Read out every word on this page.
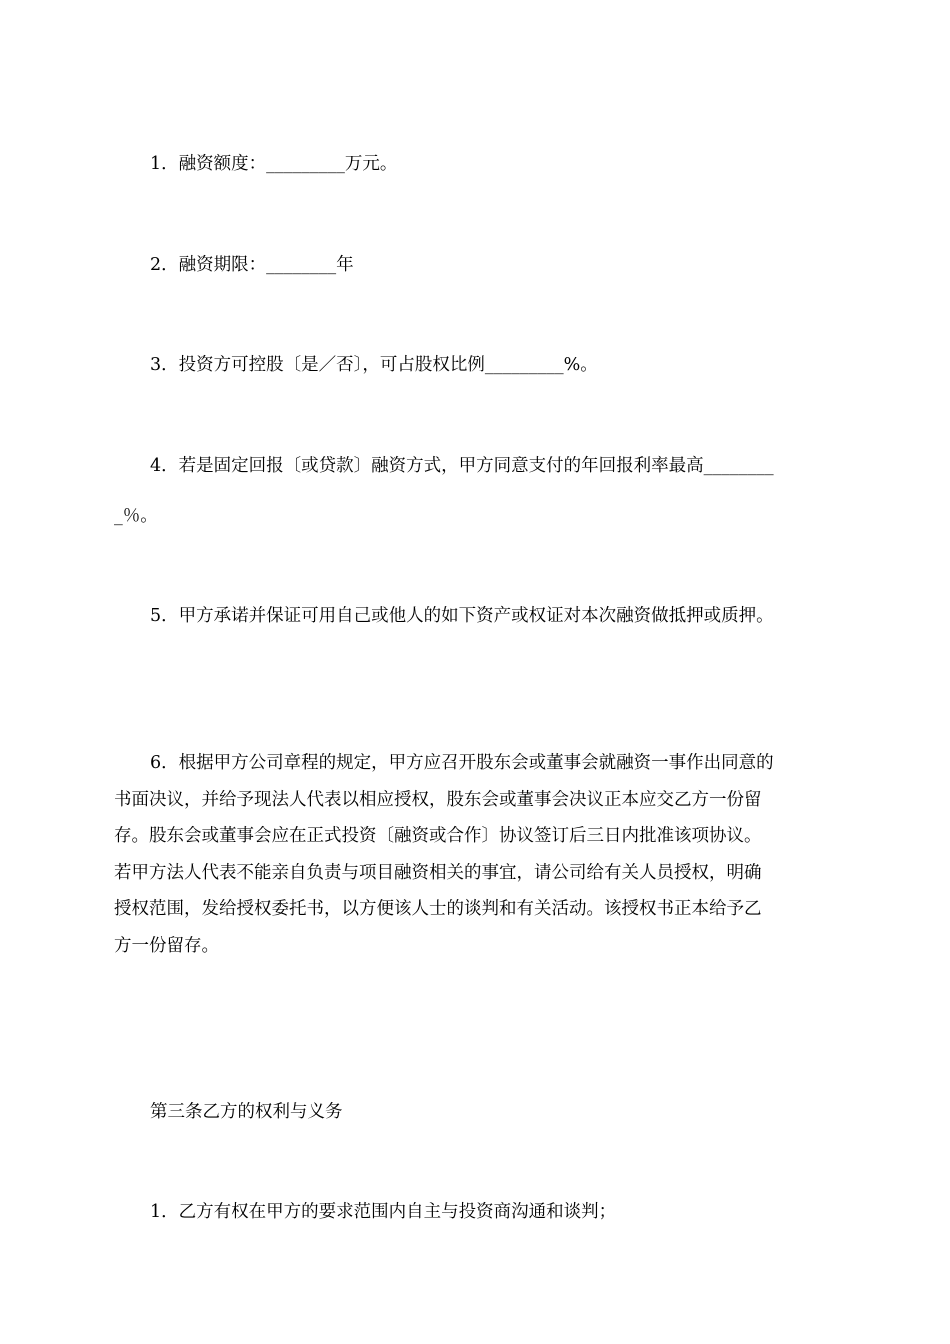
1．融资额度：_________万元。
2．融资期限：________年
3．投资方可控股〔是／否〕，可占股权比例_________%。
4．若是固定回报〔或贷款〕融资方式，甲方同意支付的年回报利率最高________
_％。
5．甲方承诺并保证可用自己或他人的如下资产或权证对本次融资做抵押或质押。
6．根据甲方公司章程的规定，甲方应召开股东会或董事会就融资一事作出同意的
书面决议，并给予现法人代表以相应授权，股东会或董事会决议正本应交乙方一份留
存。股东会或董事会应在正式投资〔融资或合作〕协议签订后三日内批准该项协议。
若甲方法人代表不能亲自负责与项目融资相关的事宜，请公司给有关人员授权，明确
授权范围，发给授权委托书，以方便该人士的谈判和有关活动。该授权书正本给予乙
方一份留存。
第三条乙方的权利与义务
1．乙方有权在甲方的要求范围内自主与投资商沟通和谈判；
